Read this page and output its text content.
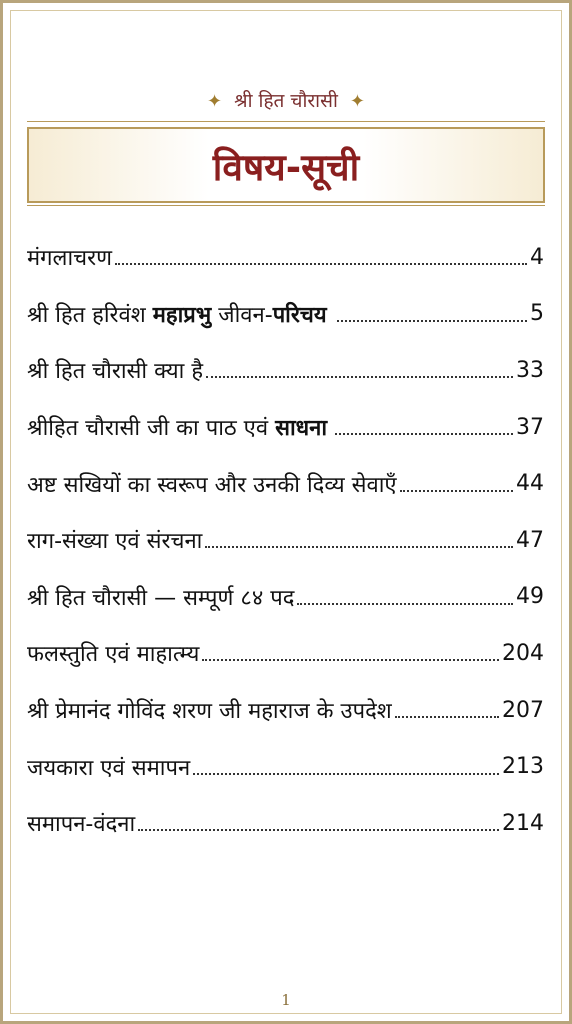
✦ श्री हित चौरासी ✦
विषय-सूची
मंगलाचरण	4
श्री हित हरिवंश महाप्रभु जीवन-परिचय	5
श्री हित चौरासी क्या है	33
श्रीहित चौरासी जी का पाठ एवं साधना	37
अष्ट सखियों का स्वरूप और उनकी दिव्य सेवाएँ	44
राग-संख्या एवं संरचना	47
श्री हित चौरासी — सम्पूर्ण ८४ पद	49
फलस्तुति एवं माहात्म्य	204
श्री प्रेमानंद गोविंद शरण जी महाराज के उपदेश	207
जयकारा एवं समापन	213
समापन-वंदना	214
1
